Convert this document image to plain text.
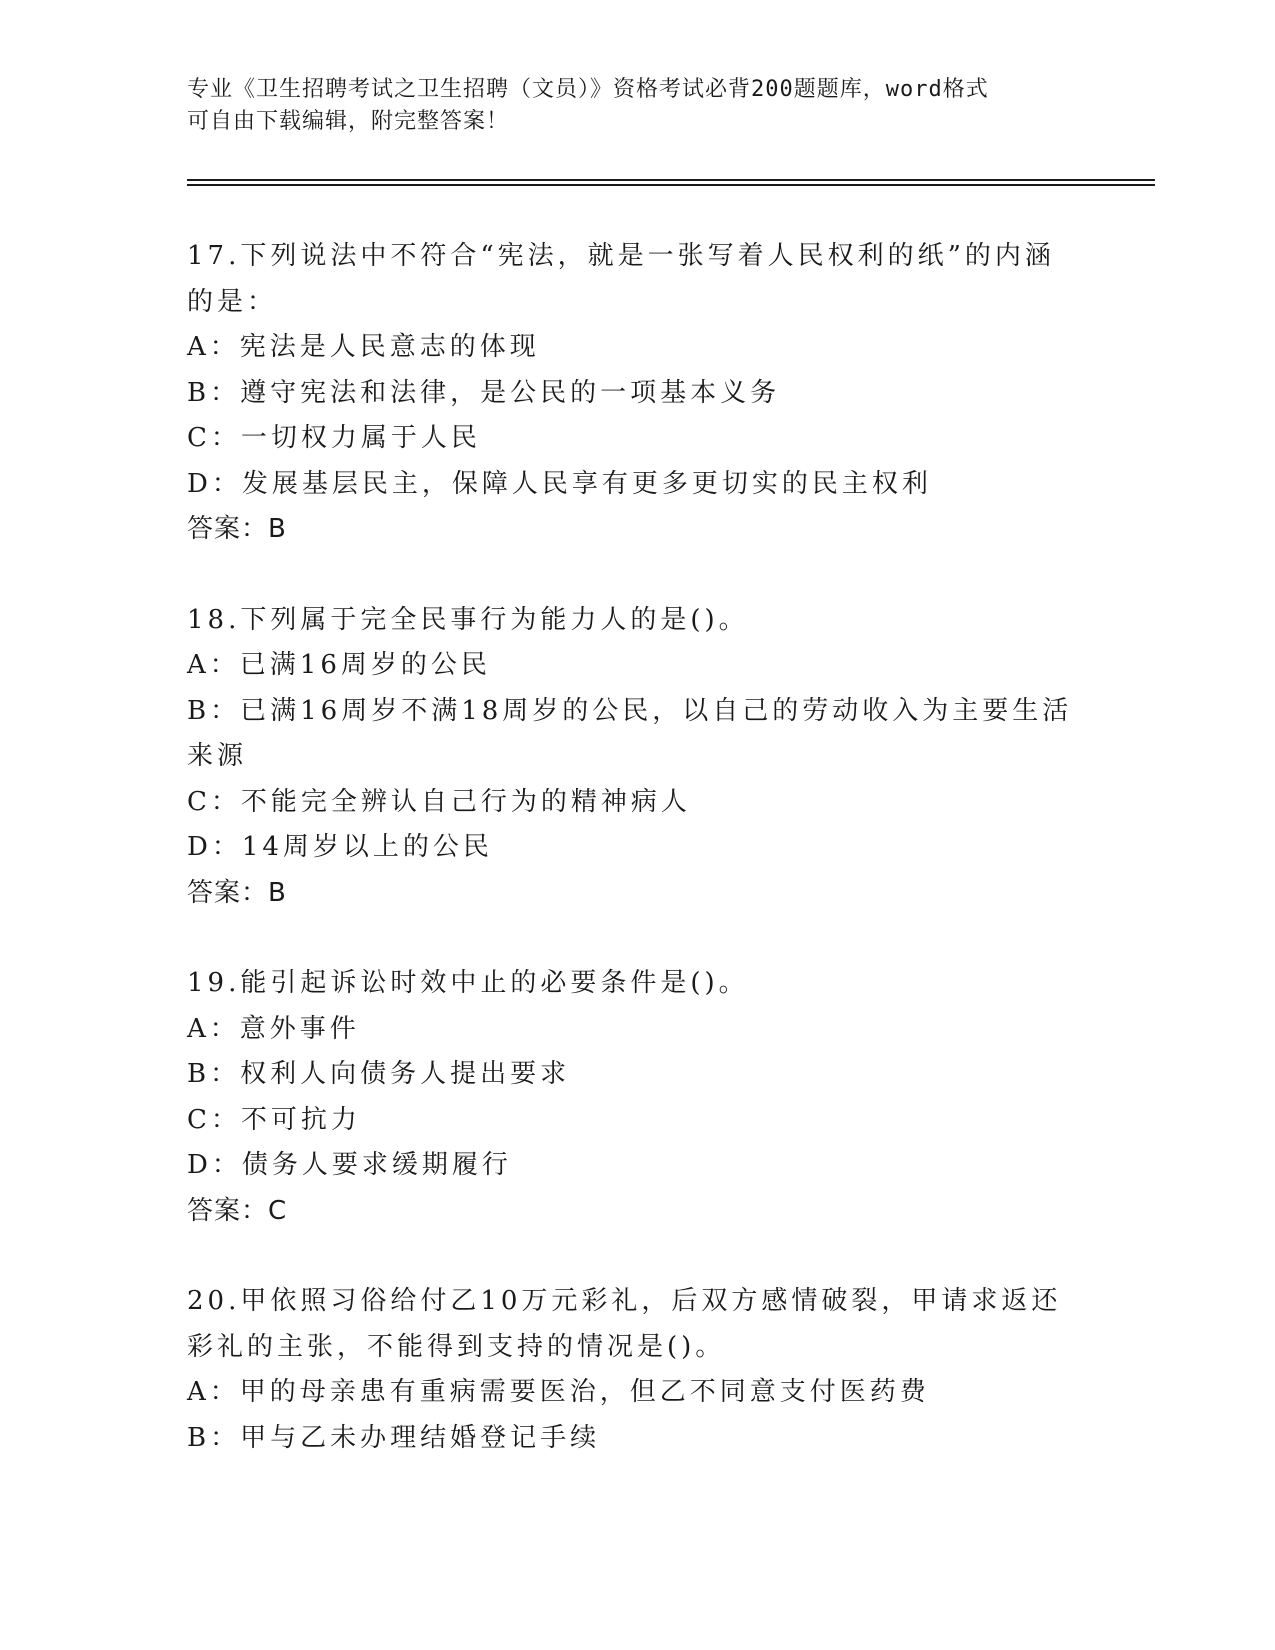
专业《卫生招聘考试之卫生招聘（文员）》资格考试必背200题题库，word格式
可自由下载编辑，附完整答案！

17.下列说法中不符合“宪法，就是一张写着人民权利的纸”的内涵的是：

A：宪法是人民意志的体现

B：遵守宪法和法律，是公民的一项基本义务

C：一切权力属于人民

D：发展基层民主，保障人民享有更多更切实的民主权利

答案：B

18.下列属于完全民事行为能力人的是()。

A：已满16周岁的公民

B：已满16周岁不满18周岁的公民，以自己的劳动收入为主要生活来源

C：不能完全辨认自己行为的精神病人

D：14周岁以上的公民

答案：B

19.能引起诉讼时效中止的必要条件是()。

A：意外事件

B：权利人向债务人提出要求

C：不可抗力

D：债务人要求缓期履行

答案：C

20.甲依照习俗给付乙10万元彩礼，后双方感情破裂，甲请求返还彩礼的主张，不能得到支持的情况是()。

A：甲的母亲患有重病需要医治，但乙不同意支付医药费

B：甲与乙未办理结婚登记手续
